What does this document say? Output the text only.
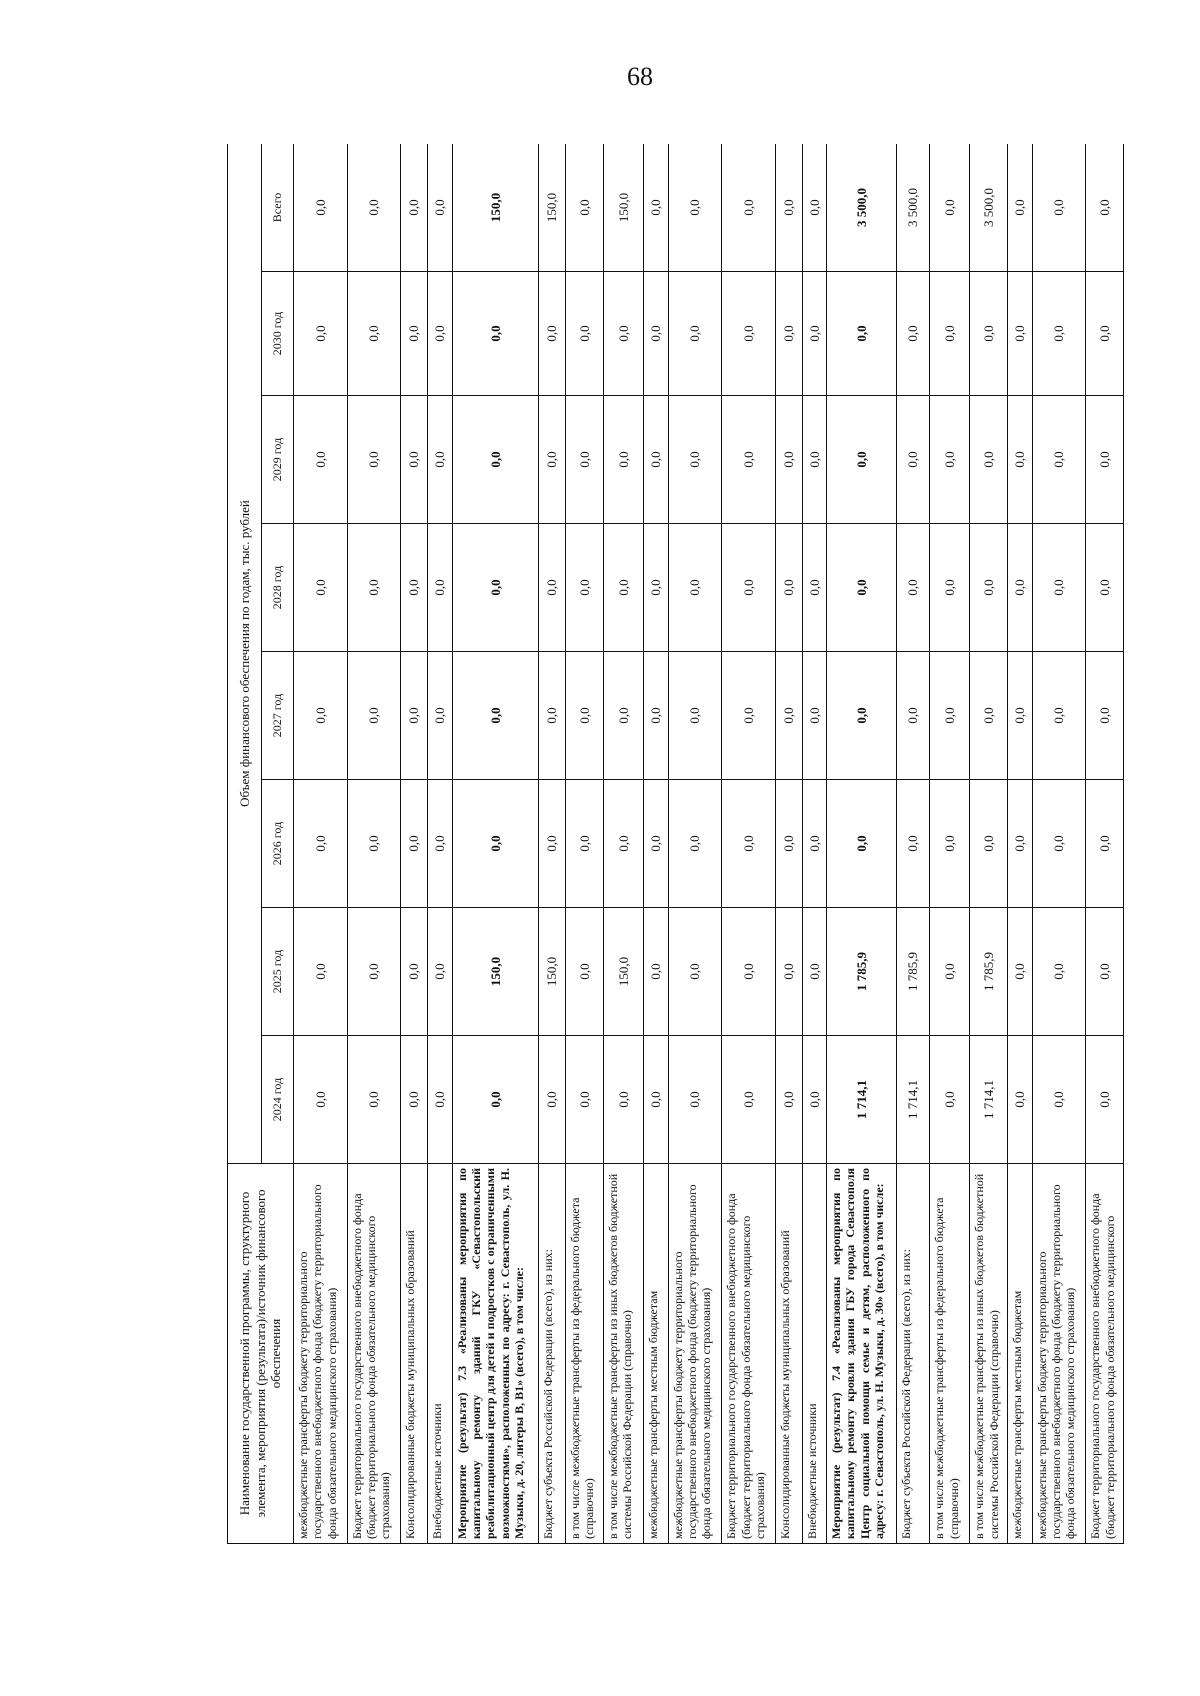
68
Наименование государственной программы, структурного элемента, мероприятия (результата)/источник финансового обеспечения	Объем финансового обеспечения по годам, тыс. рублей							
	2024 год	2025 год	2026 год	2027 год	2028 год	2029 год	2030 год	Всего
межбюджетные трансферты бюджету территориального государственного внебюджетного фонда (бюджету территориального фонда обязательного медицинского страхования)	0,0	0,0	0,0	0,0	0,0	0,0	0,0	0,0
Бюджет территориального государственного внебюджетного фонда (бюджет территориального фонда обязательного медицинского страхования)	0,0	0,0	0,0	0,0	0,0	0,0	0,0	0,0
Консолидированные бюджеты муниципальных образований	0,0	0,0	0,0	0,0	0,0	0,0	0,0	0,0
Внебюджетные источники	0,0	0,0	0,0	0,0	0,0	0,0	0,0	0,0
Мероприятие (результат) 7.3 «Реализованы мероприятия по капитальному ремонту зданий ГКУ «Севастопольский реабилитационный центр для детей и подростков с ограниченными возможностями», расположенных по адресу: г. Севастополь, ул. Н. Музыки, д. 20, литеры В, В1» (всего), в том числе:	0,0	150,0	0,0	0,0	0,0	0,0	0,0	150,0
Бюджет субъекта Российской Федерации (всего), из них:	0,0	150,0	0,0	0,0	0,0	0,0	0,0	150,0
в том числе межбюджетные трансферты из федерального бюджета (справочно)	0,0	0,0	0,0	0,0	0,0	0,0	0,0	0,0
в том числе межбюджетные трансферты из иных бюджетов бюджетной системы Российской Федерации (справочно)	0,0	150,0	0,0	0,0	0,0	0,0	0,0	150,0
межбюджетные трансферты местным бюджетам	0,0	0,0	0,0	0,0	0,0	0,0	0,0	0,0
межбюджетные трансферты бюджету территориального государственного внебюджетного фонда (бюджету территориального фонда обязательного медицинского страхования)	0,0	0,0	0,0	0,0	0,0	0,0	0,0	0,0
Бюджет территориального государственного внебюджетного фонда (бюджет территориального фонда обязательного медицинского страхования)	0,0	0,0	0,0	0,0	0,0	0,0	0,0	0,0
Консолидированные бюджеты муниципальных образований	0,0	0,0	0,0	0,0	0,0	0,0	0,0	0,0
Внебюджетные источники	0,0	0,0	0,0	0,0	0,0	0,0	0,0	0,0
Мероприятие (результат) 7.4 «Реализованы мероприятия по капитальному ремонту кровли здания ГБУ города Севастополя Центр социальной помощи семье и детям, расположенного по адресу: г. Севастополь, ул. Н. Музыки, д. 30» (всего), в том числе:	1 714,1	1 785,9	0,0	0,0	0,0	0,0	0,0	3 500,0
Бюджет субъекта Российской Федерации (всего), из них:	1 714,1	1 785,9	0,0	0,0	0,0	0,0	0,0	3 500,0
в том числе межбюджетные трансферты из федерального бюджета (справочно)	0,0	0,0	0,0	0,0	0,0	0,0	0,0	0,0
в том числе межбюджетные трансферты из иных бюджетов бюджетной системы Российской Федерации (справочно)	1 714,1	1 785,9	0,0	0,0	0,0	0,0	0,0	3 500,0
межбюджетные трансферты местным бюджетам	0,0	0,0	0,0	0,0	0,0	0,0	0,0	0,0
межбюджетные трансферты бюджету территориального государственного внебюджетного фонда (бюджету территориального фонда обязательного медицинского страхования)	0,0	0,0	0,0	0,0	0,0	0,0	0,0	0,0
Бюджет территориального государственного внебюджетного фонда (бюджет территориального фонда обязательного медицинского	0,0	0,0	0,0	0,0	0,0	0,0	0,0	0,0
